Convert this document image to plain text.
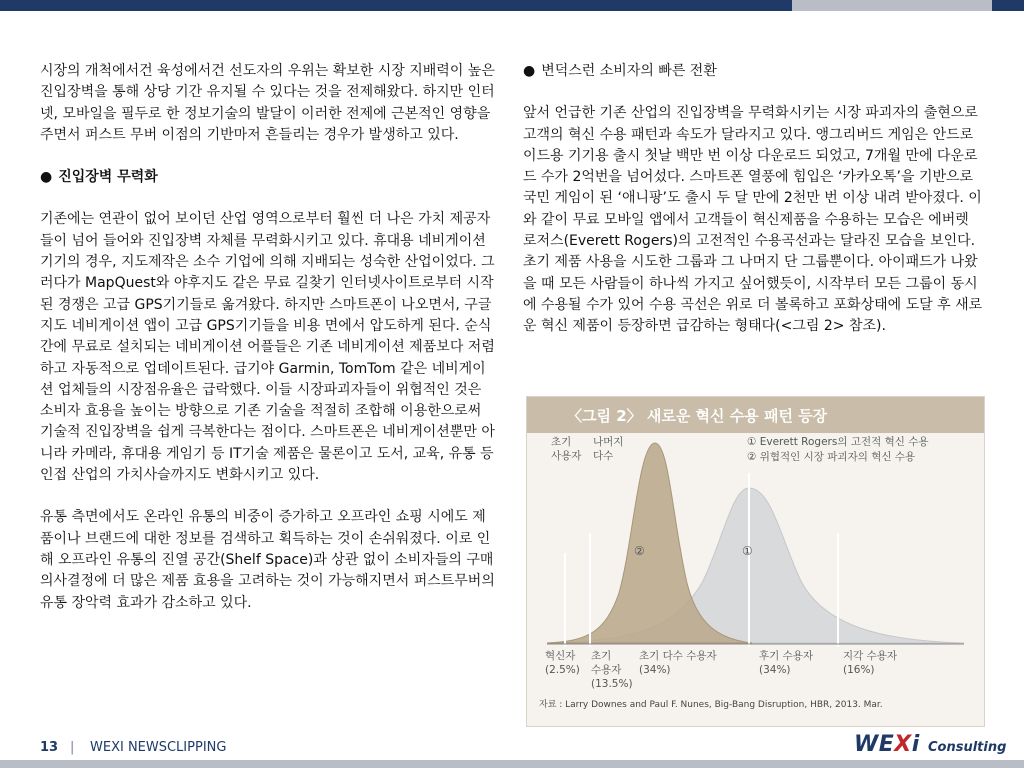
시장의 개척에서건 육성에서건 선도자의 우위는 확보한 시장 지배력이 높은 진입장벽을 통해 상당 기간 유지될 수 있다는 것을 전제해왔다. 하지만 인터넷, 모바일을 필두로 한 정보기술의 발달이 이러한 전제에 근본적인 영향을 주면서 퍼스트 무버 이점의 기반마저 흔들리는 경우가 발생하고 있다.

● 진입장벽 무력화

기존에는 연관이 없어 보이던 산업 영역으로부터 훨씬 더 나은 가치 제공자들이 넘어 들어와 진입장벽 자체를 무력화시키고 있다. 휴대용 네비게이션 기기의 경우, 지도제작은 소수 기업에 의해 지배되는 성숙한 산업이었다. 그러다가 MapQuest와 야후지도 같은 무료 길찾기 인터넷사이트로부터 시작된 경쟁은 고급 GPS기기들로 옮겨왔다. 하지만 스마트폰이 나오면서, 구글 지도 네비게이션 앱이 고급 GPS기기들을 비용 면에서 압도하게 된다. 순식간에 무료로 설치되는 네비게이션 어플들은 기존 네비게이션 제품보다 저렴하고 자동적으로 업데이트된다. 급기야 Garmin, TomTom 같은 네비게이션 업체들의 시장점유율은 급락했다. 이들 시장파괴자들이 위협적인 것은 소비자 효용을 높이는 방향으로 기존 기술을 적절히 조합해 이용한으로써 기술적 진입장벽을 쉽게 극복한다는 점이다. 스마트폰은 네비게이션뿐만 아니라 카메라, 휴대용 게임기 등 IT기술 제품은 물론이고 도서, 교육, 유통 등 인접 산업의 가치사슬까지도 변화시키고 있다.

유통 측면에서도 온라인 유통의 비중이 증가하고 오프라인 쇼핑 시에도 제품이나 브랜드에 대한 정보를 검색하고 획득하는 것이 손쉬워졌다. 이로 인해 오프라인 유통의 진열 공간(Shelf Space)과 상관 없이 소비자들의 구매의사결정에 더 많은 제품 효용을 고려하는 것이 가능해지면서 퍼스트무버의 유통 장악력 효과가 감소하고 있다.

● 변덕스런 소비자의 빠른 전환

앞서 언급한 기존 산업의 진입장벽을 무력화시키는 시장 파괴자의 출현으로 고객의 혁신 수용 패턴과 속도가 달라지고 있다. 앵그리버드 게임은 안드로이드용 기기용 출시 첫날 백만 번 이상 다운로드 되었고, 7개월 만에 다운로드 수가 2억번을 넘어섰다. 스마트폰 열풍에 힘입은 ‘카카오톡’을 기반으로 국민 게임이 된 ‘애니팡’도 출시 두 달 만에 2천만 번 이상 내려 받아졌다. 이와 같이 무료 모바일 앱에서 고객들이 혁신제품을 수용하는 모습은 에버렛 로저스(Everett Rogers)의 고전적인 수용곡선과는 달라진 모습을 보인다. 초기 제품 사용을 시도한 그룹과 그 나머지 단 그룹뿐이다. 아이패드가 나왔을 때 모든 사람들이 하나씩 가지고 싶어했듯이, 시작부터 모든 그룹이 동시에 수용될 수가 있어 수용 곡선은 위로 더 볼록하고 포화상태에 도달 후 새로운 혁신 제품이 등장하면 급감하는 형태다(<그림 2> 참조).

〈그림 2〉 새로운 혁신 수용 패턴 등장
②	①
초기
사용자
나머지
다수
① Everett Rogers의 고전적 혁신 수용
② 위협적인 시장 파괴자의 혁신 수용
혁신자
(2.5%)
초기
수용자
(13.5%)
초기 다수 수용자
(34%)
후기 수용자
(34%)
지각 수용자
(16%)
자료 : Larry Downes and Paul F. Nunes, Big-Bang Disruption, HBR, 2013. Mar.
13 | WEXI NEWSCLIPPING	WEXi Consulting
